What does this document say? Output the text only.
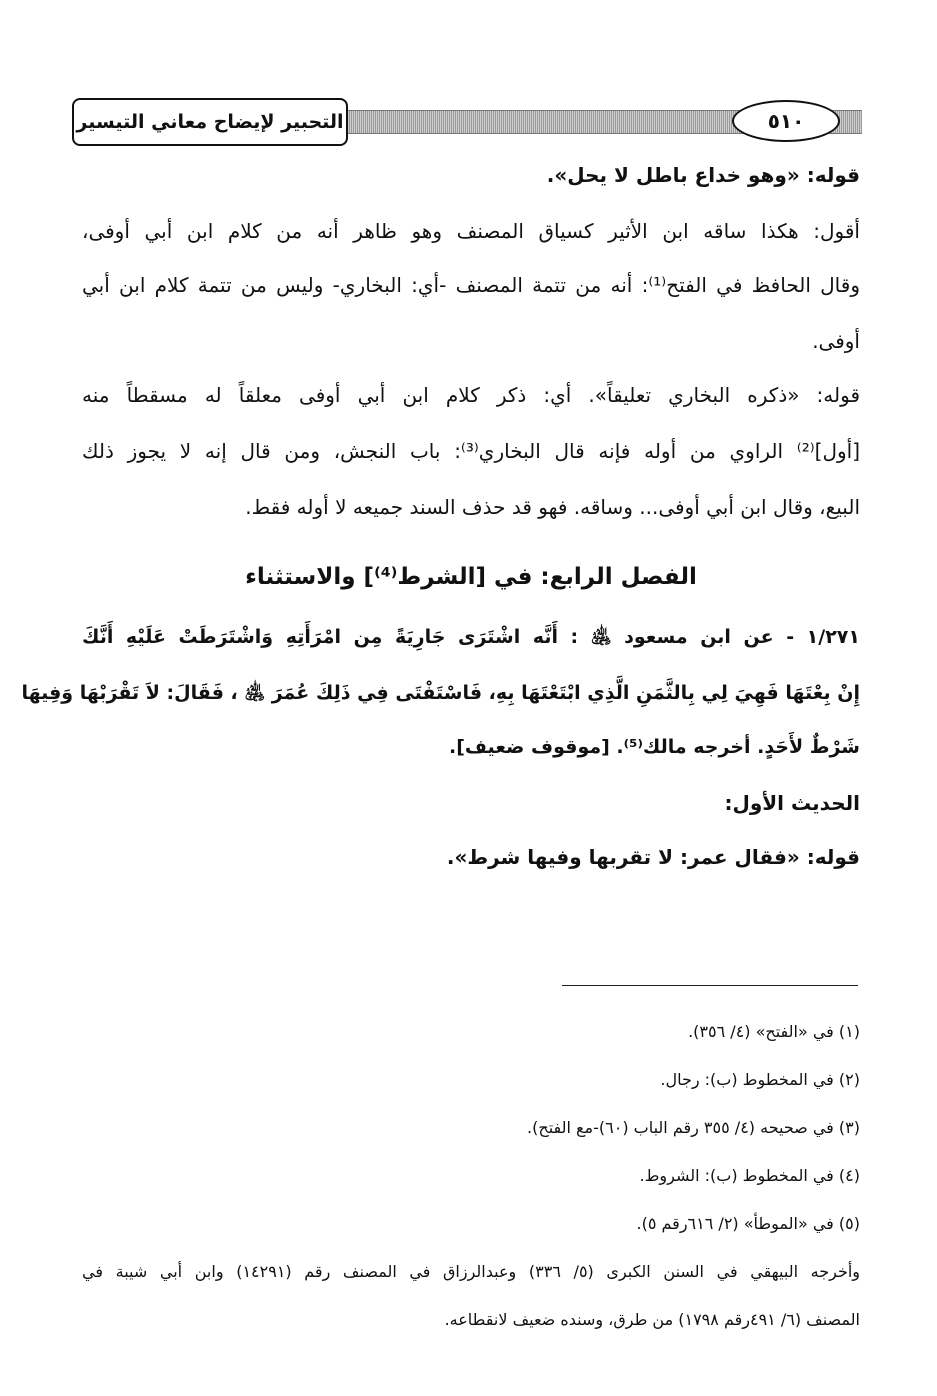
التحبير لإيضاح معاني التيسير	٥١٠
قوله: «وهو خداع باطل لا يحل».
أقول: هكذا ساقه ابن الأثير كسياق المصنف وهو ظاهر أنه من كلام ابن أبي أوفى،
وقال الحافظ في الفتح⁽¹⁾: أنه من تتمة المصنف -أي: البخاري- وليس من تتمة كلام ابن أبي
أوفى.
قوله: «ذكره البخاري تعليقاً». أي: ذكر كلام ابن أبي أوفى معلقاً له مسقطاً منه
[أول]⁽²⁾ الراوي من أوله فإنه قال البخاري⁽³⁾: باب النجش، ومن قال إنه لا يجوز ذلك
البيع، وقال ابن أبي أوفى... وساقه. فهو قد حذف السند جميعه لا أوله فقط.
الفصل الرابع: في [الشرط⁽⁴⁾] والاستثناء
١/٢٧١ - عن ابن مسعود ﵁ : أَنَّه اشْتَرَى جَارِيَةً مِن امْرَأَتِهِ وَاشْتَرَطَتْ عَلَيْهِ أَنَّكَ
إِنْ بِعْتَهَا فَهِيَ لِي بِالثَّمَنِ الَّذِي ابْتَعْتَهَا بِهِ، فَاسْتَفْتَى فِي ذَلِكَ عُمَرَ ﵁ ، فَقَالَ: لاَ تَقْرَبْهَا وَفِيهَا
شَرْطٌ لأَحَدٍ. أخرجه مالك⁽⁵⁾. [موقوف ضعيف].
الحديث الأول:
قوله: «فقال عمر: لا تقربها وفيها شرط».
(١) في «الفتح» (٤/ ٣٥٦).
(٢) في المخطوط (ب): رجال.
(٣) في صحيحه (٤/ ٣٥٥ رقم الباب (٦٠)-مع الفتح).
(٤) في المخطوط (ب): الشروط.
(٥) في «الموطأ» (٢/ ٦١٦رقم ٥).
وأخرجه البيهقي في السنن الكبرى (٥/ ٣٣٦) وعبدالرزاق في المصنف رقم (١٤٢٩١) وابن أبي شيبة في
المصنف (٦/ ٤٩١رقم ١٧٩٨) من طرق، وسنده ضعيف لانقطاعه.
